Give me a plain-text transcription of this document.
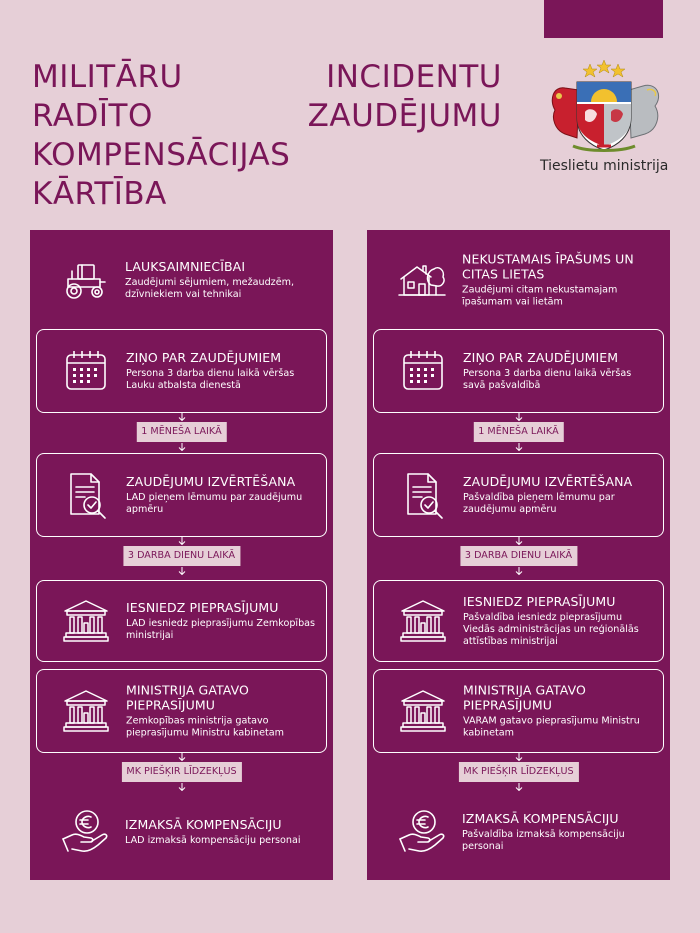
MILITĀRU	INCIDENTU
RADĪTO	ZAUDĒJUMU
KOMPENSĀCIJAS
KĀRTĪBA
Tieslietu ministrija
LAUKSAIMNIECĪBAI
Zaudējumi sējumiem, mežaudzēm, dzīvniekiem vai tehnikai
ZIŅO PAR ZAUDĒJUMIEM
Persona 3 darba dienu laikā vēršas Lauku atbalsta dienestā
1 MĒNEŠA LAIKĀ
ZAUDĒJUMU IZVĒRTĒŠANA
LAD pieņem lēmumu par zaudējumu apmēru
3 DARBA DIENU LAIKĀ
IESNIEDZ PIEPRASĪJUMU
LAD iesniedz pieprasījumu Zemkopības ministrijai
MINISTRIJA GATAVO PIEPRASĪJUMU
Zemkopības ministrija gatavo pieprasījumu Ministru kabinetam
MK PIEŠĶIR LĪDZEKĻUS
IZMAKSĀ KOMPENSĀCIJU
LAD izmaksā kompensāciju personai
NEKUSTAMAIS ĪPAŠUMS UN CITAS LIETAS
Zaudējumi citam nekustamajam īpašumam vai lietām
ZIŅO PAR ZAUDĒJUMIEM
Persona 3 darba dienu laikā vēršas savā pašvaldībā
1 MĒNEŠA LAIKĀ
ZAUDĒJUMU IZVĒRTĒŠANA
Pašvaldība pieņem lēmumu par zaudējumu apmēru
3 DARBA DIENU LAIKĀ
IESNIEDZ PIEPRASĪJUMU
Pašvaldība iesniedz pieprasījumu Viedās administrācijas un reģionālās attīstības ministrijai
MINISTRIJA GATAVO PIEPRASĪJUMU
VARAM gatavo pieprasījumu Ministru kabinetam
MK PIEŠĶIR LĪDZEKĻUS
IZMAKSĀ KOMPENSĀCIJU
Pašvaldība izmaksā kompensāciju personai
